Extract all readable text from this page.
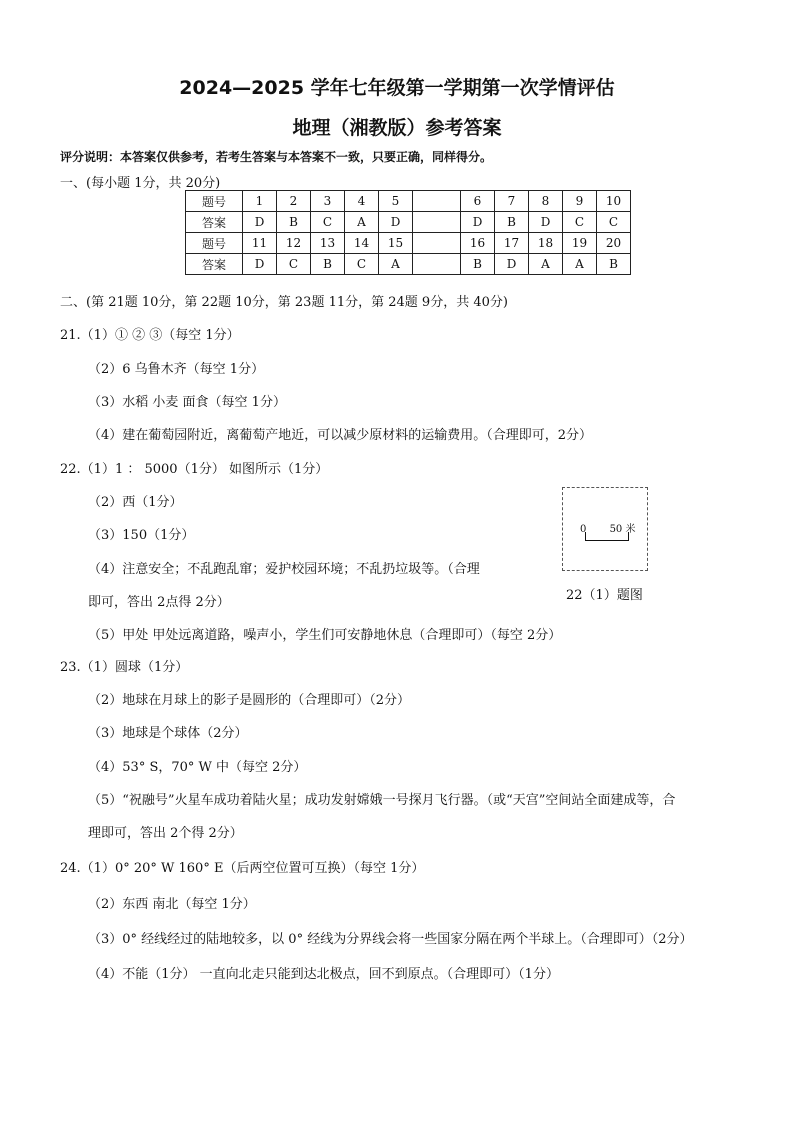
2024—2025 学年七年级第一学期第一次学情评估
地理（湘教版）参考答案
评分说明：本答案仅供参考，若考生答案与本答案不一致，只要正确，同样得分。
一、(每小题 1分，共 20分)
题号	1	2	3	4	5		6	7	8	9	10
答案	D	B	C	A	D		D	B	D	C	C
题号	11	12	13	14	15		16	17	18	19	20
答案	D	C	B	C	A		B	D	A	A	B
二、(第 21题 10分，第 22题 10分，第 23题 11分，第 24题 9分，共 40分)
21.（1）① ② ③（每空 1分）
（2）6 乌鲁木齐（每空 1分）
（3）水稻 小麦 面食（每空 1分）
（4）建在葡萄园附近，离葡萄产地近，可以减少原材料的运输费用。（合理即可，2分）
22.（1）1 ： 5000（1分） 如图所示（1分）
（2）西（1分）
（3）150（1分）
（4）注意安全；不乱跑乱窜；爱护校园环境；不乱扔垃圾等。（合理
即可，答出 2点得 2分）
（5）甲处 甲处远离道路，噪声小，学生们可安静地休息（合理即可）（每空 2分）
0 50 米
22（1）题图
23.（1）圆球（1分）
（2）地球在月球上的影子是圆形的（合理即可）（2分）
（3）地球是个球体（2分）
（4）53° S，70° W 中（每空 2分）
（5）“祝融号”火星车成功着陆火星；成功发射嫦娥一号探月飞行器。（或“天宫”空间站全面建成等，合
理即可，答出 2个得 2分）
24.（1）0° 20° W 160° E（后两空位置可互换）（每空 1分）
（2）东西 南北（每空 1分）
（3）0° 经线经过的陆地较多，以 0° 经线为分界线会将一些国家分隔在两个半球上。（合理即可）（2分）
（4）不能（1分） 一直向北走只能到达北极点，回不到原点。（合理即可）（1分）
